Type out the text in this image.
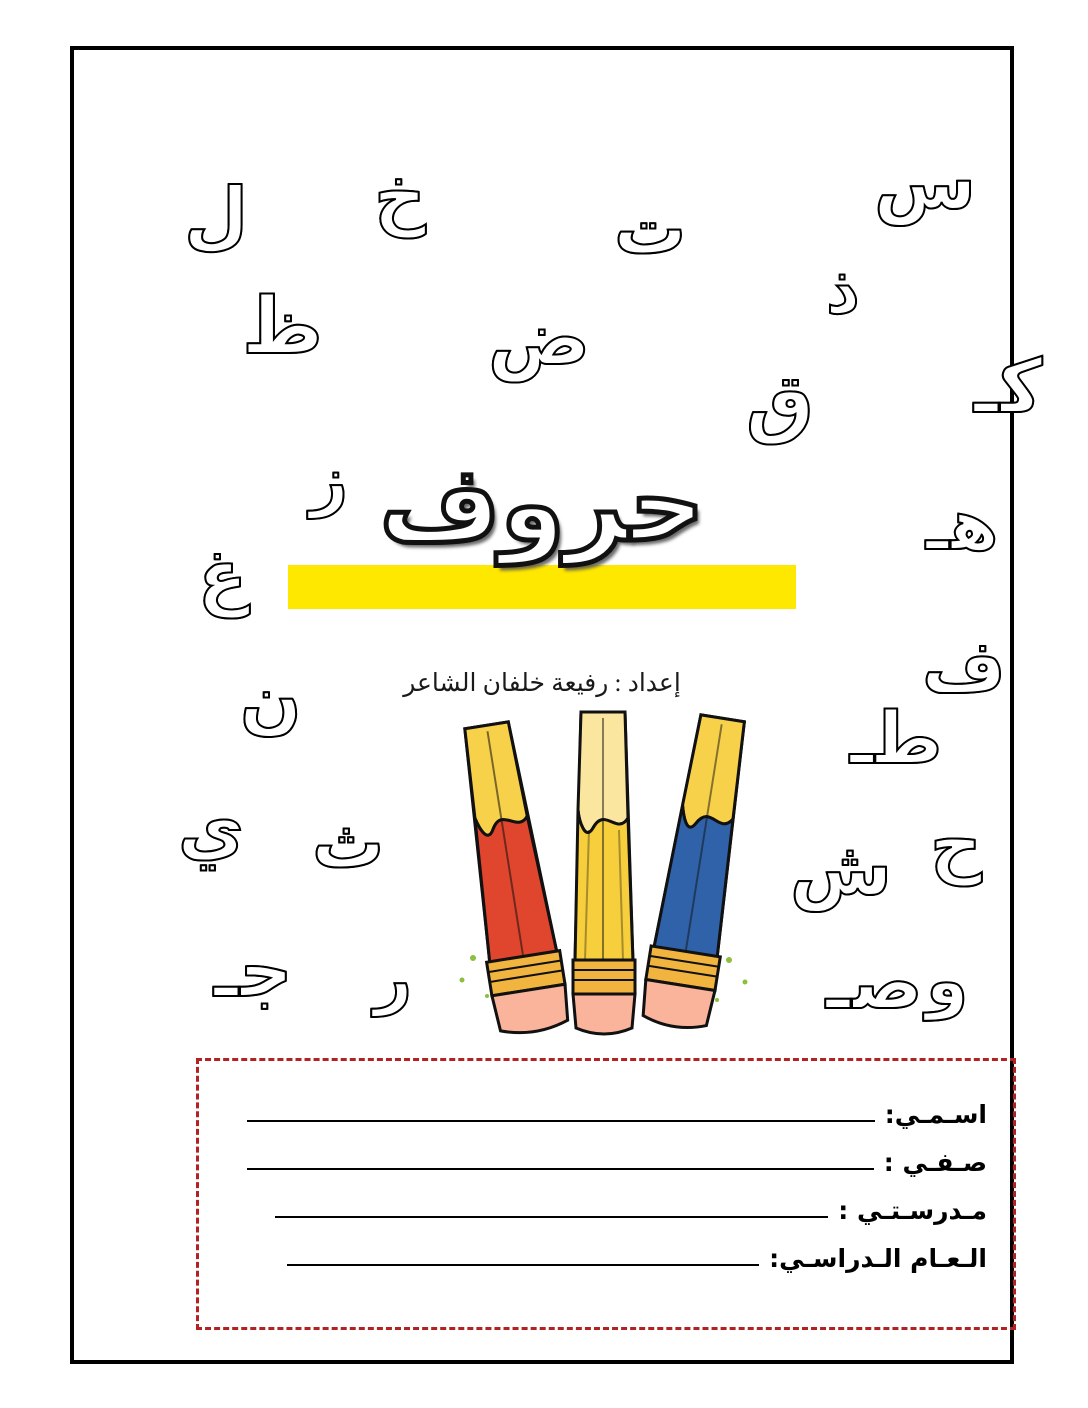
س
خ
ل	ت
ذ
ظ ض
كـ
ق
ز
هـ
غ
ف
ن	طـ
ي ث	ح
ش
جـ ر	و
صـ
حروف
إعداد : رفيعة خلفان الشاعر
اسـمـي:
صـفـي :
مـدرسـتـي :
الـعـام الـدراسـي:
